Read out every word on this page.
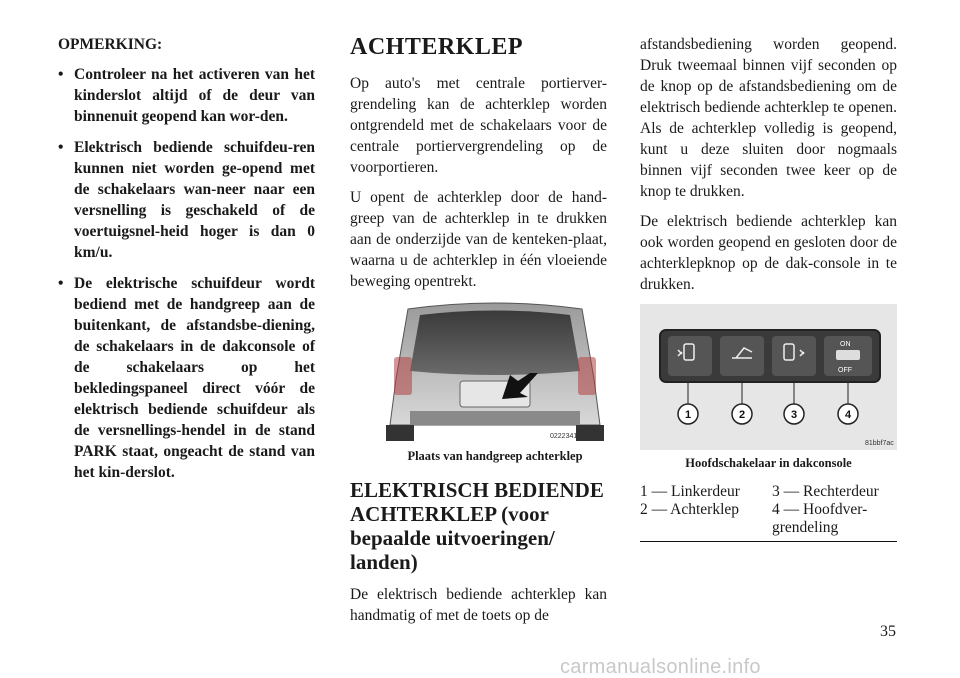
OPMERKING:
• Controleer na het activeren van het kinderslot altijd of de deur van binnenuit geopend kan wor-den.
• Elektrisch bediende schuifdeu-ren kunnen niet worden ge-opend met de schakelaars wan-neer naar een versnelling is geschakeld of de voertuigsnel-heid hoger is dan 0 km/u.
• De elektrische schuifdeur wordt bediend met de handgreep aan de buitenkant, de afstandsbe-diening, de schakelaars in de dakconsole of de schakelaars op het bekledingspaneel direct vóór de elektrisch bediende schuifdeur als de versnellings-hendel in de stand PARK staat, ongeacht de stand van het kin-derslot.
ACHTERKLEP

Op auto's met centrale portierver-grendeling kan de achterklep worden ontgrendeld met de schakelaars voor de centrale portiervergrendeling op de voorportieren.

U opent de achterklep door de hand-greep van de achterklep in te drukken aan de onderzijde van de kenteken-plaat, waarna u de achterklep in één vloeiende beweging opentrekt.

022234174
Plaats van handgreep achterklep
ELEKTRISCH BEDIENDE ACHTERKLEP (voor bepaalde uitvoeringen/ landen)

De elektrisch bediende achterklep kan handmatig of met de toets op de

afstandsbediening worden geopend. Druk tweemaal binnen vijf seconden op de knop op de afstandsbediening om de elektrisch bediende achterklep te openen. Als de achterklep volledig is geopend, kunt u deze sluiten door nogmaals binnen vijf seconden twee keer op de knop te drukken.

De elektrisch bediende achterklep kan ook worden geopend en gesloten door de achterklepknop op de dak-console in te drukken.

ON
OFF
1	2	3	4
81bbf7ac
Hoofdschakelaar in dakconsole
1 — Linkerdeur	3 — Rechterdeur
2 — Achterklep	4 — Hoofdver-grendeling
35
carmanualsonline.info
